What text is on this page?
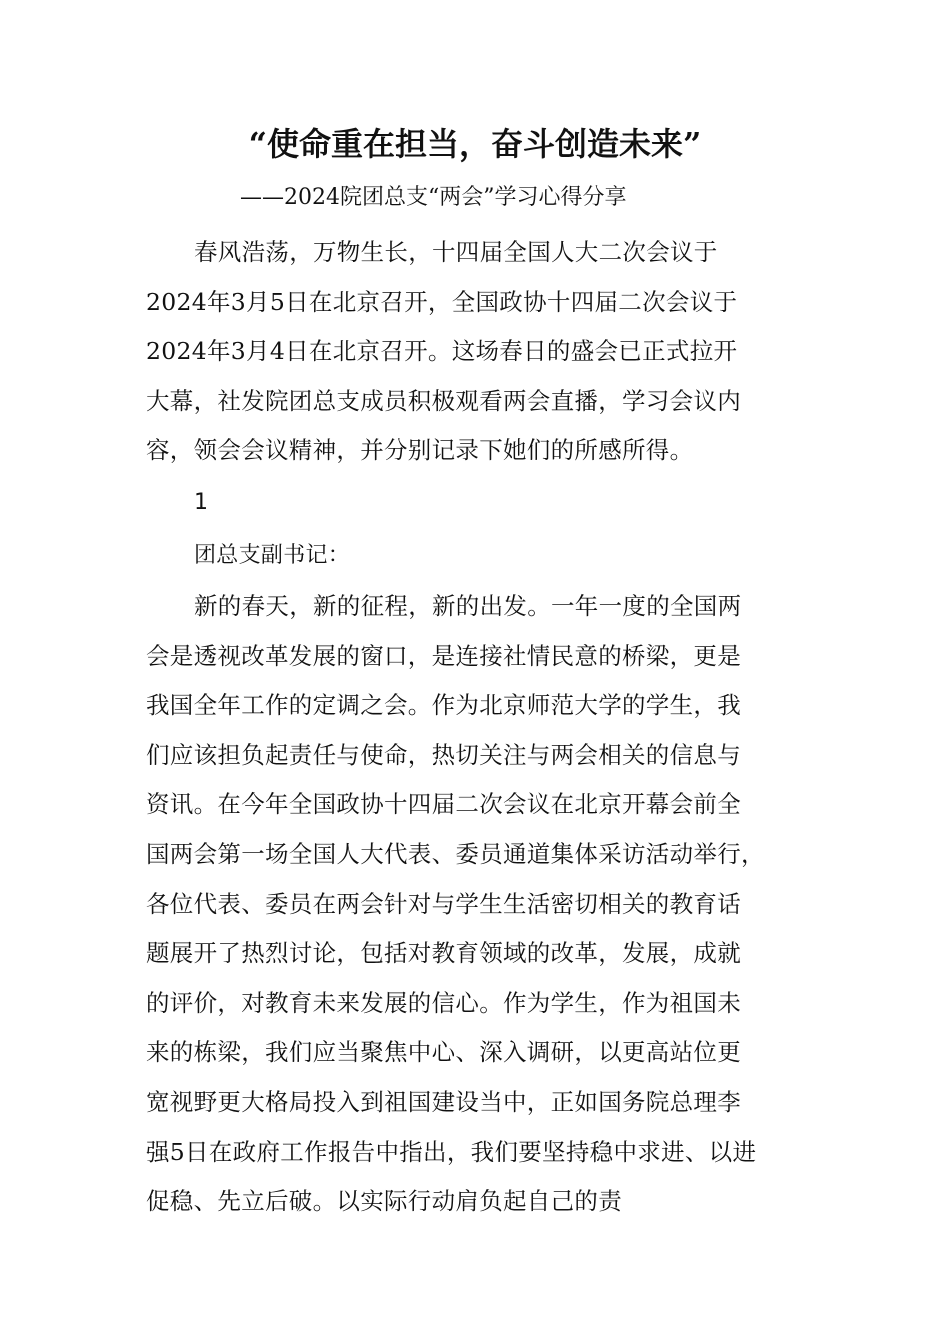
“使命重在担当，奋斗创造未来”
——2024院团总支“两会”学习心得分享
春风浩荡，万物生长，十四届全国人大二次会议于
2024年3月5日在北京召开，全国政协十四届二次会议于
2024年3月4日在北京召开。这场春日的盛会已正式拉开
大幕，社发院团总支成员积极观看两会直播，学习会议内
容，领会会议精神，并分别记录下她们的所感所得。
1
团总支副书记：
新的春天，新的征程，新的出发。一年一度的全国两
会是透视改革发展的窗口，是连接社情民意的桥梁，更是
我国全年工作的定调之会。作为北京师范大学的学生，我
们应该担负起责任与使命，热切关注与两会相关的信息与
资讯。在今年全国政协十四届二次会议在北京开幕会前全
国两会第一场全国人大代表、委员通道集体采访活动举行，
各位代表、委员在两会针对与学生生活密切相关的教育话
题展开了热烈讨论，包括对教育领域的改革，发展，成就
的评价，对教育未来发展的信心。作为学生，作为祖国未
来的栋梁，我们应当聚焦中心、深入调研，以更高站位更
宽视野更大格局投入到祖国建设当中，正如国务院总理李
强5日在政府工作报告中指出，我们要坚持稳中求进、以进
促稳、先立后破。以实际行动肩负起自己的责
